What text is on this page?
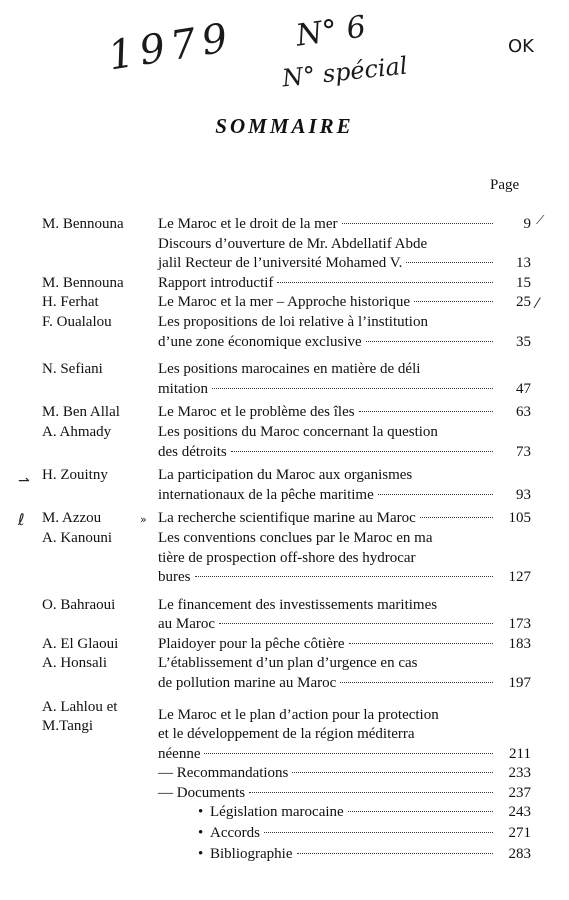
1979 N° 6
N° spécial
OK
SOMMAIRE
Page
M. Bennouna	Le Maroc et le droit de la mer	9
Discours d’ouverture de Mr. Abdellatif Abde
jalil Recteur de l’université Mohamed V.	13
M. Bennouna	Rapport introductif	15
H. Ferhat	Le Maroc et la mer – Approche historique	25
F. Oualalou	Les propositions de loi relative à l’institution
d’une zone économique exclusive	35
N. Sefiani	Les positions marocaines en matière de déli
mitation	47
M. Ben Allal	Le Maroc et le problème des îles	63
A. Ahmady	Les positions du Maroc concernant la question
des détroits	73
H. Zouitny	La participation du Maroc aux organismes
internationaux de la pêche maritime	93
M. Azzou	La recherche scientifique marine au Maroc	105
A. Kanouni	Les conventions conclues par le Maroc en ma
tière de prospection off-shore des hydrocar
bures	127
O. Bahraoui	Le financement des investissements maritimes
au Maroc	173
A. El Glaoui	Plaidoyer pour la pêche côtière	183
A. Honsali	L’établissement d’un plan d’urgence en cas
de pollution marine au Maroc	197
A. Lahlou et
M.Tangi
Le Maroc et le plan d’action pour la protection
et le développement de la région méditerra
néenne	211
— Recommandations	233
— Documents	237
• Législation marocaine	243
• Accords	271
• Bibliographie	283
⟋
⁄
⇀
ℓ	»
